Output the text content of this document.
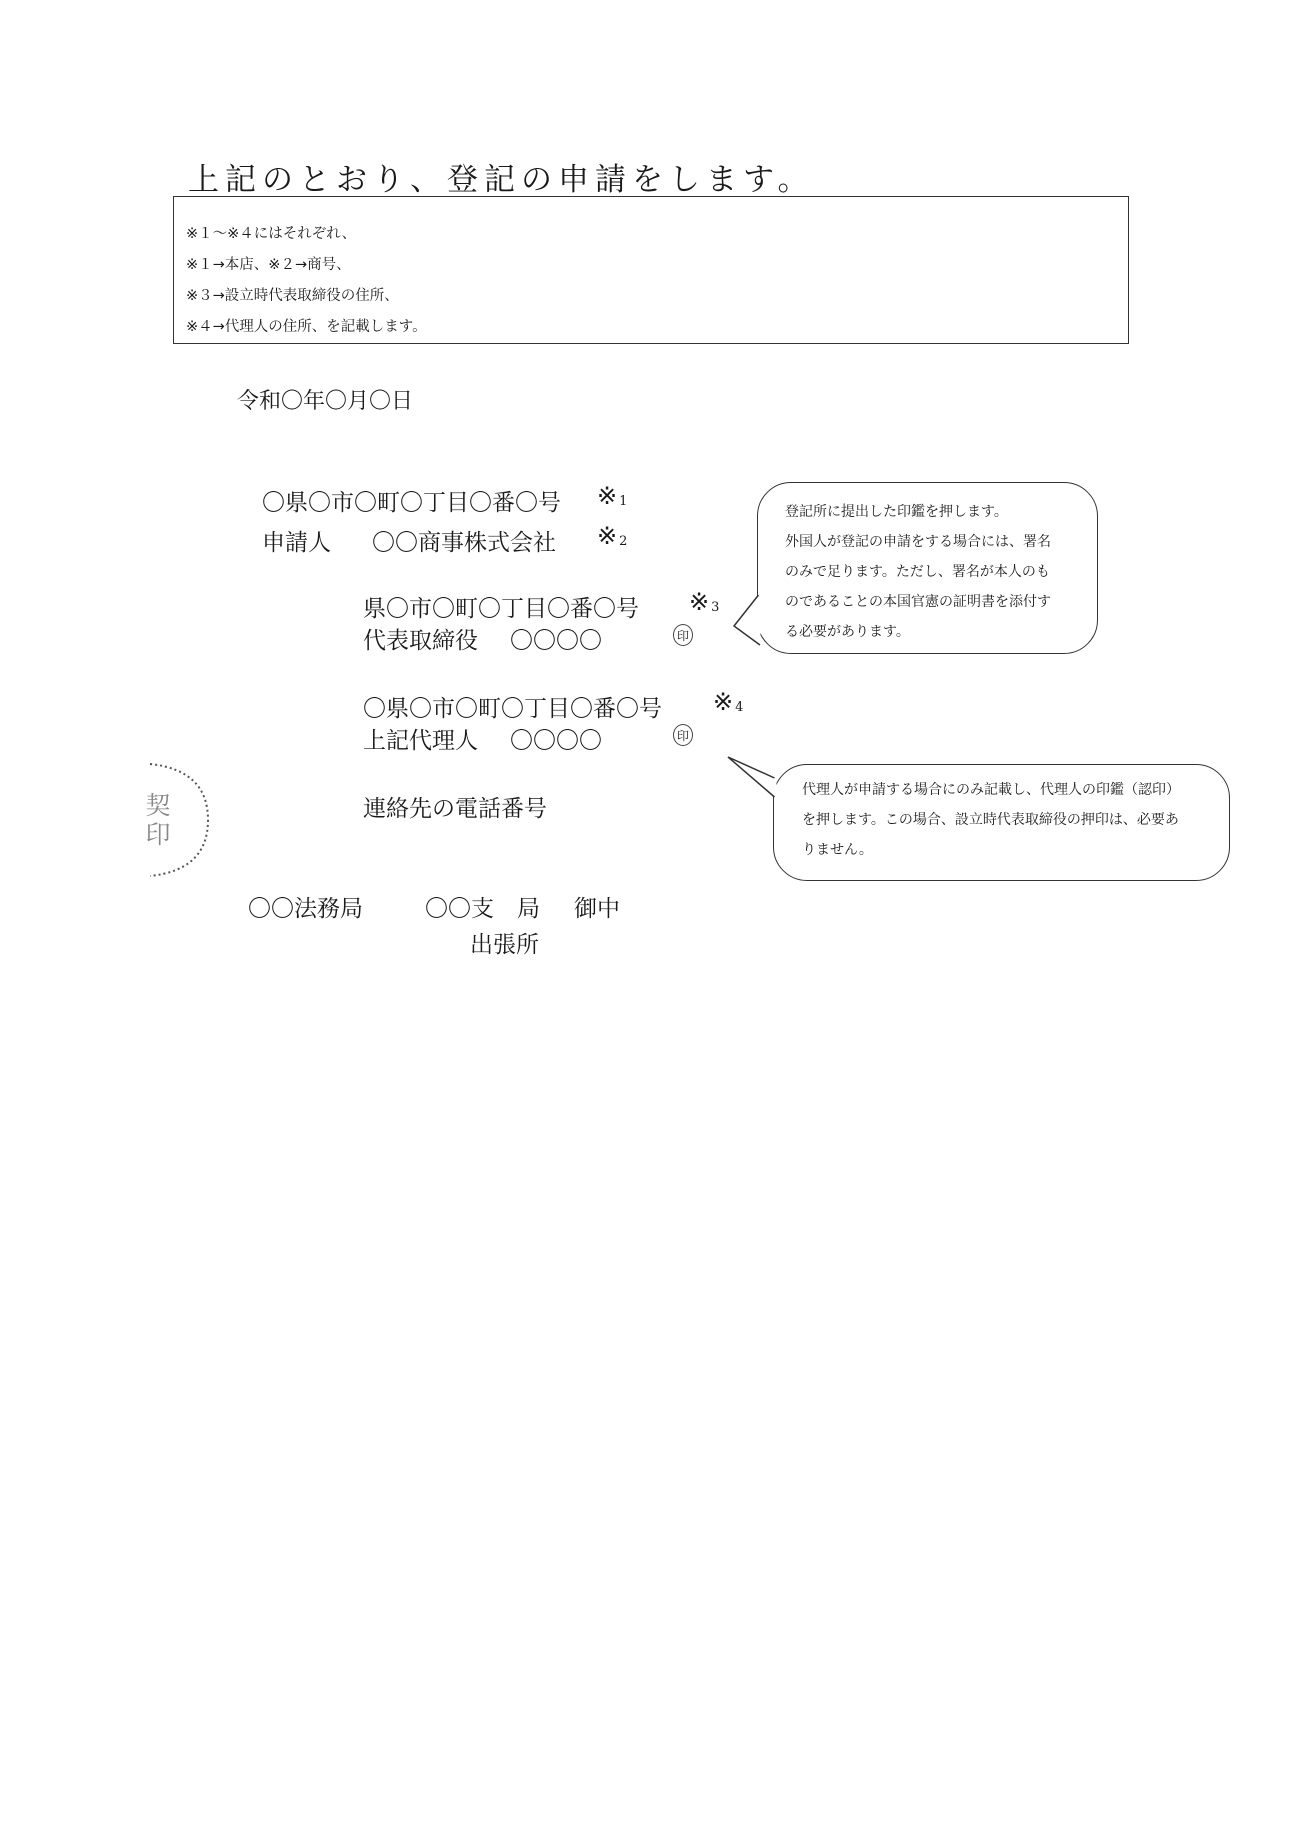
上記のとおり、登記の申請をします。
※１～※４にはそれぞれ、
※１→本店、※２→商号、
※３→設立時代表取締役の住所、
※４→代理人の住所、を記載します。
令和〇年〇月〇日
〇県〇市〇町〇丁目〇番〇号 ※ $_1$
申請人 〇〇商事株式会社 ※ $_2$
県〇市〇町〇丁目〇番〇号 ※ $_3$
代表取締役 〇〇〇〇	印
〇県〇市〇町〇丁目〇番〇号 ※ $_4$
上記代理人 〇〇〇〇	印
連絡先の電話番号
契印
〇〇法務局	〇〇支　局 御中
出張所
登記所に提出した印鑑を押します。
外国人が登記の申請をする場合には、署名
のみで足ります。ただし、署名が本人のも
のであることの本国官憲の証明書を添付す
る必要があります。
代理人が申請する場合にのみ記載し、代理人の印鑑（認印）
を押します。この場合、設立時代表取締役の押印は、必要あ
りません。
